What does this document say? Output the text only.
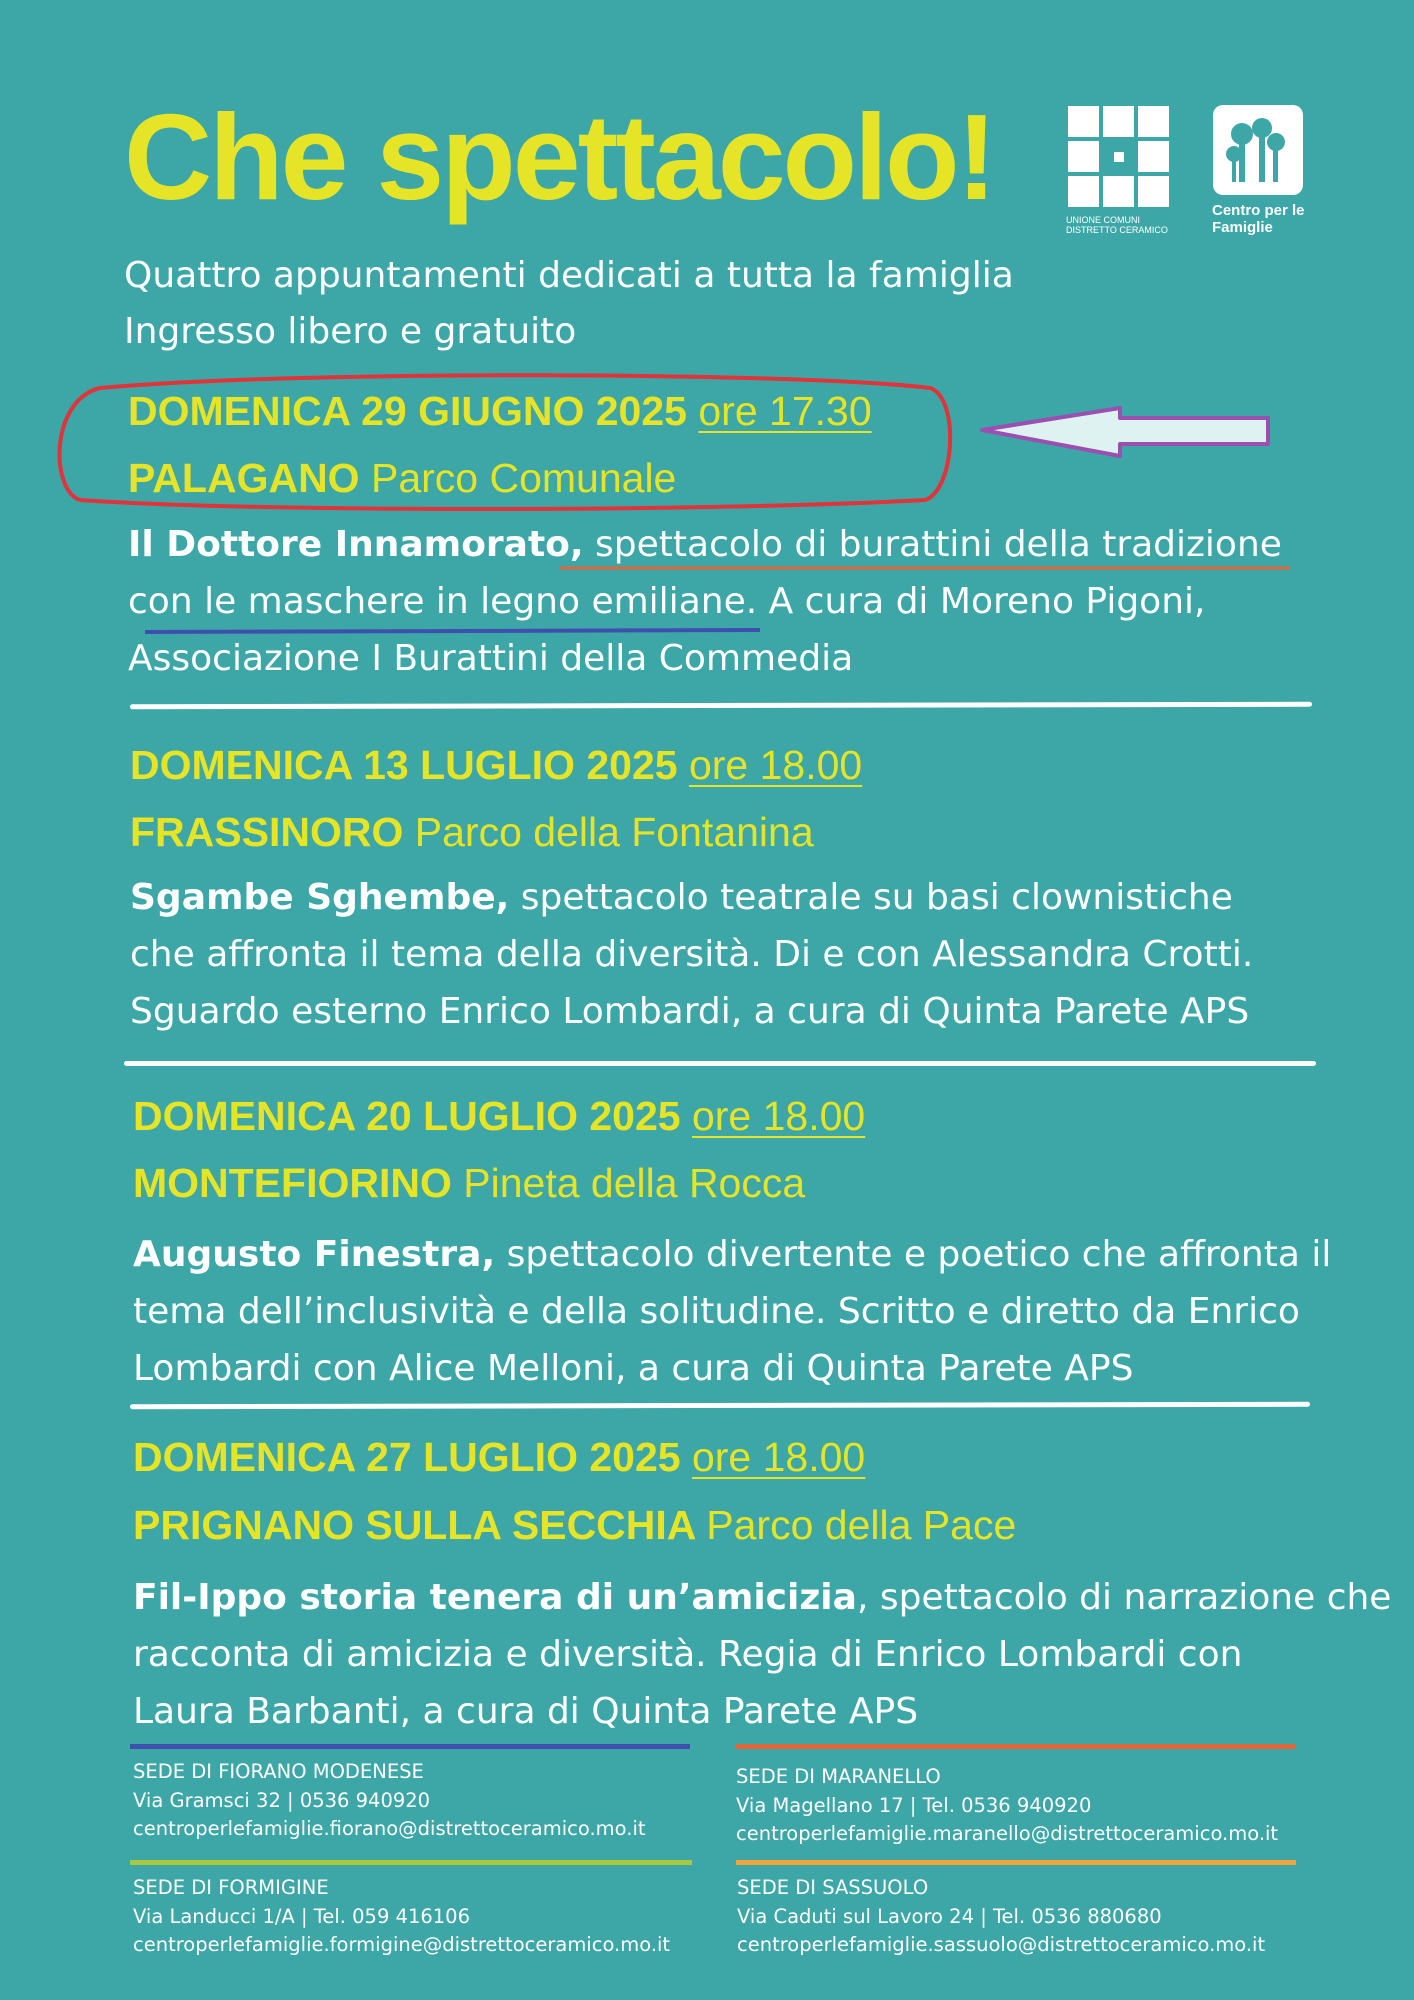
Che spettacolo!	UNIONE COMUNI
DISTRETTO CERAMICO
Centro per le
Famiglie
Quattro appuntamenti dedicati a tutta la famiglia
Ingresso libero e gratuito
DOMENICA 29 GIUGNO 2025 ore 17.30
PALAGANO Parco Comunale
Il Dottore Innamorato, spettacolo di burattini della tradizione
con le maschere in legno emiliane. A cura di Moreno Pigoni,
Associazione I Burattini della Commedia
DOMENICA 13 LUGLIO 2025 ore 18.00
FRASSINORO Parco della Fontanina
Sgambe Sghembe, spettacolo teatrale su basi clownistiche
che affronta il tema della diversità. Di e con Alessandra Crotti.
Sguardo esterno Enrico Lombardi, a cura di Quinta Parete APS
DOMENICA 20 LUGLIO 2025 ore 18.00
MONTEFIORINO Pineta della Rocca
Augusto Finestra, spettacolo divertente e poetico che affronta il
tema dell’inclusività e della solitudine. Scritto e diretto da Enrico
Lombardi con Alice Melloni, a cura di Quinta Parete APS
DOMENICA 27 LUGLIO 2025 ore 18.00
PRIGNANO SULLA SECCHIA Parco della Pace
Fil-Ippo storia tenera di un’amicizia, spettacolo di narrazione che
racconta di amicizia e diversità. Regia di Enrico Lombardi con
Laura Barbanti, a cura di Quinta Parete APS
SEDE DI FIORANO MODENESE
Via Gramsci 32 | 0536 940920
centroperlefamiglie.fiorano@distrettoceramico.mo.it
SEDE DI MARANELLO
Via Magellano 17 | Tel. 0536 940920
centroperlefamiglie.maranello@distrettoceramico.mo.it
SEDE DI FORMIGINE
Via Landucci 1/A | Tel. 059 416106
centroperlefamiglie.formigine@distrettoceramico.mo.it
SEDE DI SASSUOLO
Via Caduti sul Lavoro 24 | Tel. 0536 880680
centroperlefamiglie.sassuolo@distrettoceramico.mo.it
